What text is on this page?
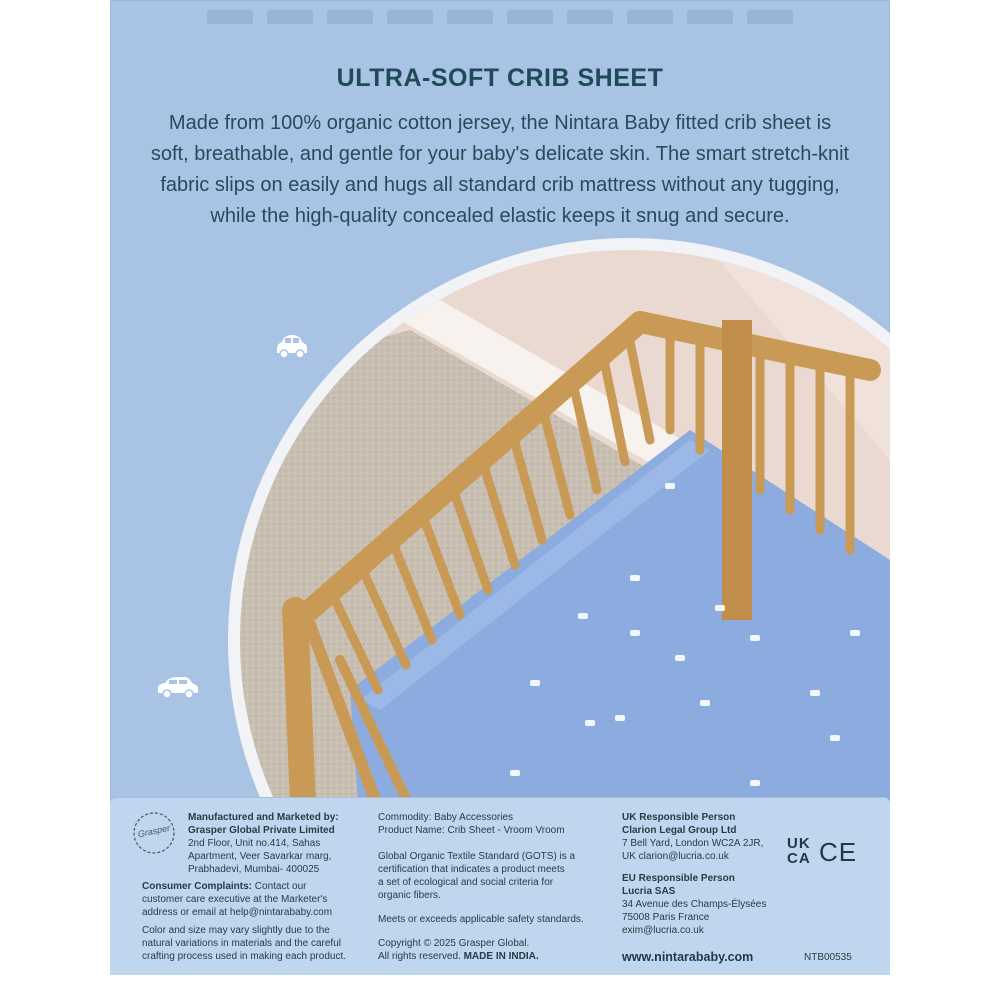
ULTRA-SOFT CRIB SHEET
Made from 100% organic cotton jersey, the Nintara Baby fitted crib sheet is soft, breathable, and gentle for your baby's delicate skin. The smart stretch-knit fabric slips on easily and hugs all standard crib mattress without any tugging, while the high-quality concealed elastic keeps it snug and secure.
Grasper
Manufactured and Marketed by:
Grasper Global Private Limited
2nd Floor, Unit no.414, Sahas
Apartment, Veer Savarkar marg,
Prabhadevi, Mumbai- 400025
Consumer Complaints: Contact our
customer care executive at the Marketer's
address or email at help@nintarababy.com
Color and size may vary slightly due to the
natural variations in materials and the careful
crafting process used in making each product.
Commodity: Baby Accessories
Product Name: Crib Sheet - Vroom Vroom
Global Organic Textile Standard (GOTS) is a
certification that indicates a product meets
a set of ecological and social criteria for
organic fibers.
Meets or exceeds applicable safety standards.
Copyright © 2025 Grasper Global.
All rights reserved. MADE IN INDIA.
UK Responsible Person
Clarion Legal Group Ltd
7 Bell Yard, London WC2A 2JR,
UK clarion@lucria.co.uk
EU Responsible Person
Lucria SAS
34 Avenue des Champs-Élysées
75008 Paris France
exim@lucria.co.uk
www.nintarababy.com	NTB00535
UK
CA CE
